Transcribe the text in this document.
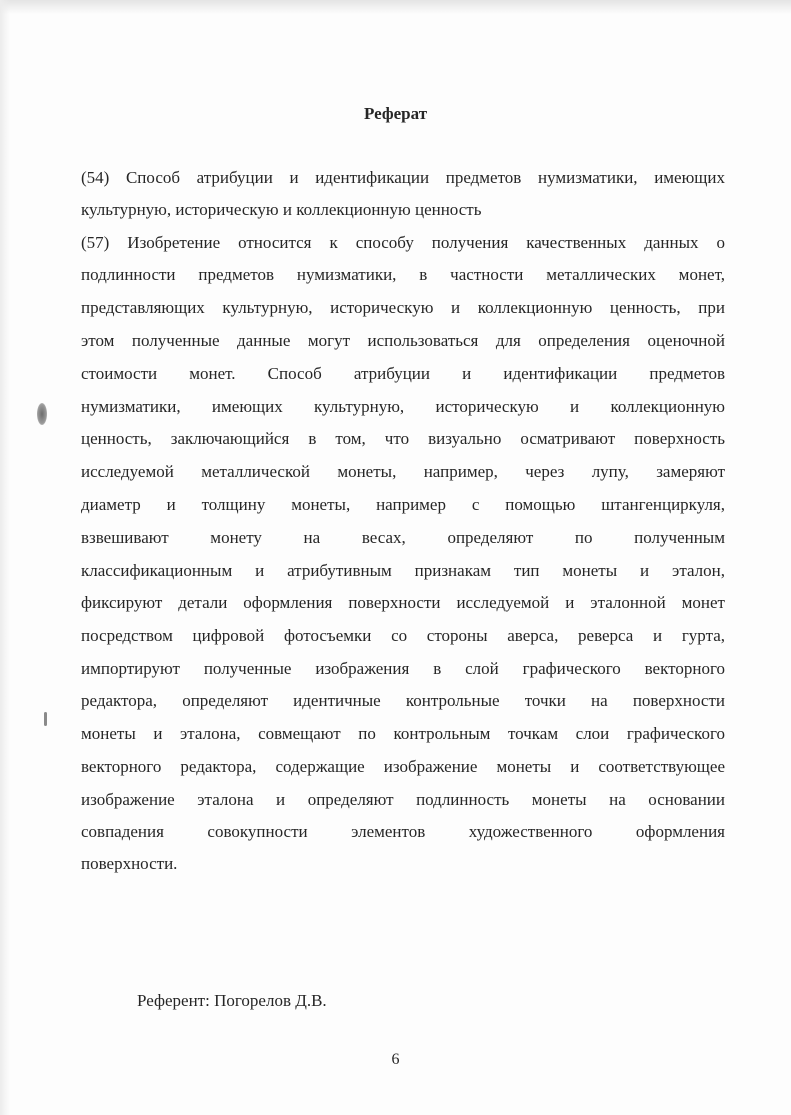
Реферат

(54) Способ атрибуции и идентификации предметов нумизматики, имеющих

культурную, историческую и коллекционную ценность

(57) Изобретение относится к способу получения качественных данных о

подлинности предметов нумизматики, в частности металлических монет,

представляющих культурную, историческую и коллекционную ценность, при

этом полученные данные могут использоваться для определения оценочной

стоимости монет. Способ атрибуции и идентификации предметов

нумизматики, имеющих культурную, историческую и коллекционную

ценность, заключающийся в том, что визуально осматривают поверхность

исследуемой металлической монеты, например, через лупу, замеряют

диаметр и толщину монеты, например с помощью штангенциркуля,

взвешивают монету на весах, определяют по полученным

классификационным и атрибутивным признакам тип монеты и эталон,

фиксируют детали оформления поверхности исследуемой и эталонной монет

посредством цифровой фотосъемки со стороны аверса, реверса и гурта,

импортируют полученные изображения в слой графического векторного

редактора, определяют идентичные контрольные точки на поверхности

монеты и эталона, совмещают по контрольным точкам слои графического

векторного редактора, содержащие изображение монеты и соответствующее

изображение эталона и определяют подлинность монеты на основании

совпадения совокупности элементов художественного оформления

поверхности.

Референт: Погорелов Д.В.

6
